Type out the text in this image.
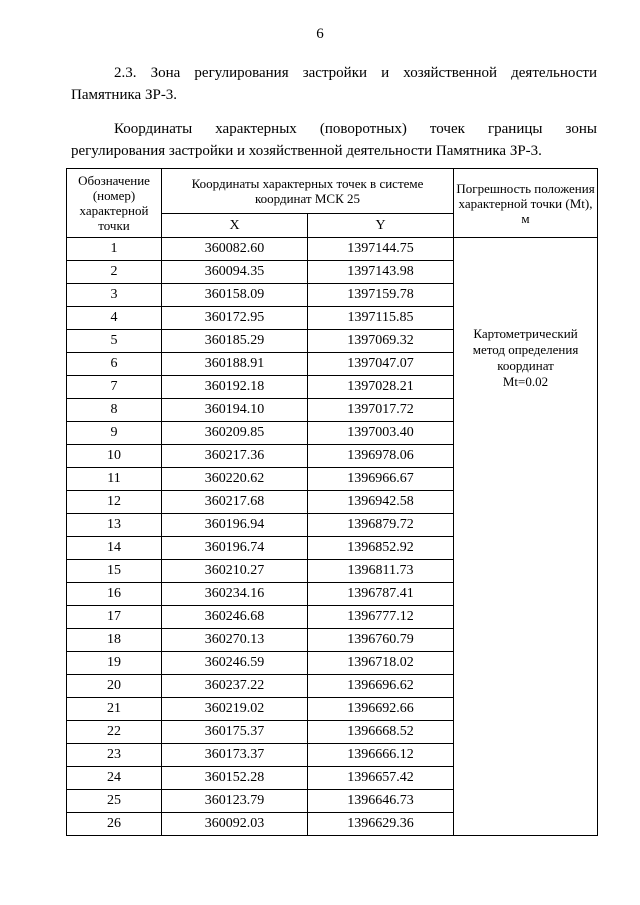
6
2.3. Зона регулирования застройки и хозяйственной деятельности
Памятника ЗР-3.
Координаты характерных (поворотных) точек границы зоны
регулирования застройки и хозяйственной деятельности Памятника ЗР-3.
Обозначение (номер) характерной точки	Координаты характерных точек в системе координат МСК 25		Погрешность положения характерной точки (Mt), м
	X	Y	
1	360082.60	1397144.75	Картометрический
метод определения
координат
Mt=0.02

2	360094.35	1397143.98	
3	360158.09	1397159.78	
4	360172.95	1397115.85	
5	360185.29	1397069.32	
6	360188.91	1397047.07	
7	360192.18	1397028.21	
8	360194.10	1397017.72	
9	360209.85	1397003.40	
10	360217.36	1396978.06	
11	360220.62	1396966.67	
12	360217.68	1396942.58	
13	360196.94	1396879.72	
14	360196.74	1396852.92	
15	360210.27	1396811.73	
16	360234.16	1396787.41	
17	360246.68	1396777.12	
18	360270.13	1396760.79	
19	360246.59	1396718.02	
20	360237.22	1396696.62	
21	360219.02	1396692.66	
22	360175.37	1396668.52	
23	360173.37	1396666.12	
24	360152.28	1396657.42	
25	360123.79	1396646.73	
26	360092.03	1396629.36	
